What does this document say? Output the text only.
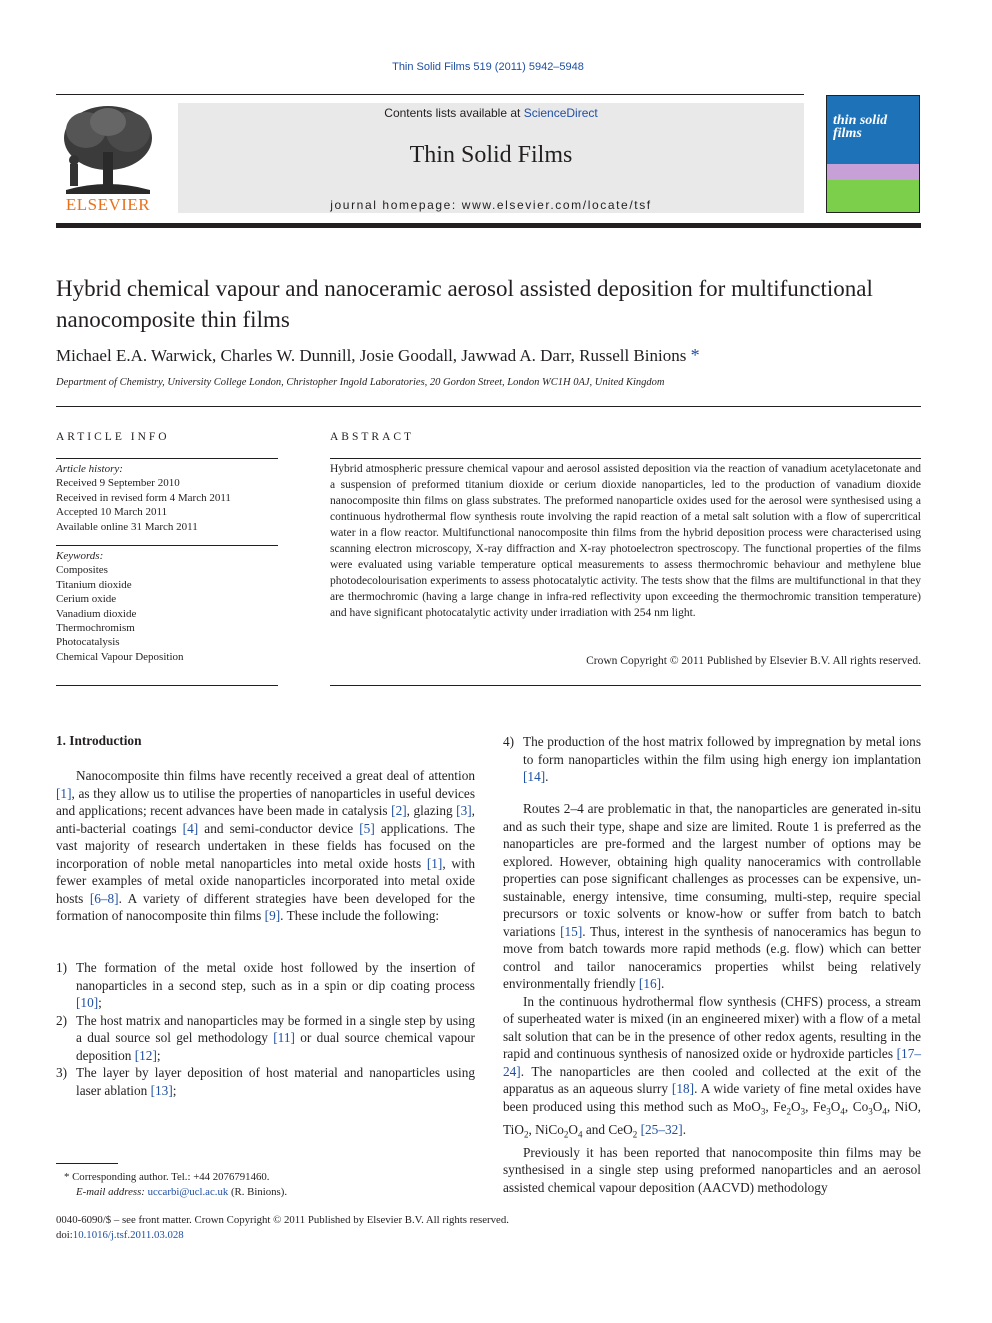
Thin Solid Films 519 (2011) 5942–5948
ELSEVIER
Contents lists available at ScienceDirect
Thin Solid Films
journal homepage: www.elsevier.com/locate/tsf
thin solid films
Hybrid chemical vapour and nanoceramic aerosol assisted deposition for multifunctional nanocomposite thin films
Michael E.A. Warwick, Charles W. Dunnill, Josie Goodall, Jawwad A. Darr, Russell Binions *
Department of Chemistry, University College London, Christopher Ingold Laboratories, 20 Gordon Street, London WC1H 0AJ, United Kingdom
ARTICLE INFO
Article history:
Received 9 September 2010
Received in revised form 4 March 2011
Accepted 10 March 2011
Available online 31 March 2011
Keywords:
Composites
Titanium dioxide
Cerium oxide
Vanadium dioxide
Thermochromism
Photocatalysis
Chemical Vapour Deposition
ABSTRACT
Hybrid atmospheric pressure chemical vapour and aerosol assisted deposition via the reaction of vanadium acetylacetonate and a suspension of preformed titanium dioxide or cerium dioxide nanoparticles, led to the production of vanadium dioxide nanocomposite thin films on glass substrates. The preformed nanoparticle oxides used for the aerosol were synthesised using a continuous hydrothermal flow synthesis route involving the rapid reaction of a metal salt solution with a flow of supercritical water in a flow reactor. Multifunctional nanocomposite thin films from the hybrid deposition process were characterised using scanning electron microscopy, X-ray diffraction and X-ray photoelectron spectroscopy. The functional properties of the films were evaluated using variable temperature optical measurements to assess thermochromic behaviour and methylene blue photodecolourisation experiments to assess photocatalytic activity. The tests show that the films are multifunctional in that they are thermochromic (having a large change in infra-red reflectivity upon exceeding the thermochromic transition temperature) and have significant photocatalytic activity under irradiation with 254 nm light.
Crown Copyright © 2011 Published by Elsevier B.V. All rights reserved.
1. Introduction

Nanocomposite thin films have recently received a great deal of attention [1], as they allow us to utilise the properties of nanoparticles in useful devices and applications; recent advances have been made in catalysis [2], glazing [3], anti-bacterial coatings [4] and semi-conductor device [5] applications. The vast majority of research undertaken in these fields has focused on the incorporation of noble metal nanoparticles into metal oxide hosts [1], with fewer examples of metal oxide nanoparticles incorporated into metal oxide hosts [6–8]. A variety of different strategies have been developed for the formation of nanocomposite thin films [9]. These include the following:

1) The formation of the metal oxide host followed by the insertion of nanoparticles in a second step, such as in a spin or dip coating process [10];
2) The host matrix and nanoparticles may be formed in a single step by using a dual source sol gel methodology [11] or dual source chemical vapour deposition [12];
3) The layer by layer deposition of host material and nanoparticles using laser ablation [13];
* Corresponding author. Tel.: +44 2076791460.
E-mail address: uccarbi@ucl.ac.uk (R. Binions).
4) The production of the host matrix followed by impregnation by metal ions to form nanoparticles within the film using high energy ion implantation [14].

Routes 2–4 are problematic in that, the nanoparticles are generated in-situ and as such their type, shape and size are limited. Route 1 is preferred as the nanoparticles are pre-formed and the largest number of options may be explored. However, obtaining high quality nanoceramics with controllable properties can pose significant challenges as processes can be expensive, un-sustainable, energy intensive, time consuming, multi-step, require special precursors or toxic solvents or know-how or suffer from batch to batch variations [15]. Thus, interest in the synthesis of nanoceramics has begun to move from batch towards more rapid methods (e.g. flow) which can better control and tailor nanoceramics properties whilst being relatively environmentally friendly [16].

In the continuous hydrothermal flow synthesis (CHFS) process, a stream of superheated water is mixed (in an engineered mixer) with a flow of a metal salt solution that can be in the presence of other redox agents, resulting in the rapid and continuous synthesis of nanosized oxide or hydroxide particles [17–24]. The nanoparticles are then cooled and collected at the exit of the apparatus as an aqueous slurry [18]. A wide variety of fine metal oxides have been produced using this method such as MoO$_3$, $Fe_2O_3$, $Fe_3O_4$, $Co_3O_4$, NiO, TiO$_2$, $NiCo_2O_4$ and CeO$_2$ [25–32].

Previously it has been reported that nanocomposite thin films may be synthesised in a single step using preformed nanoparticles and an aerosol assisted chemical vapour deposition (AACVD) methodology

0040-6090/$ – see front matter. Crown Copyright © 2011 Published by Elsevier B.V. All rights reserved.
doi:10.1016/j.tsf.2011.03.028
